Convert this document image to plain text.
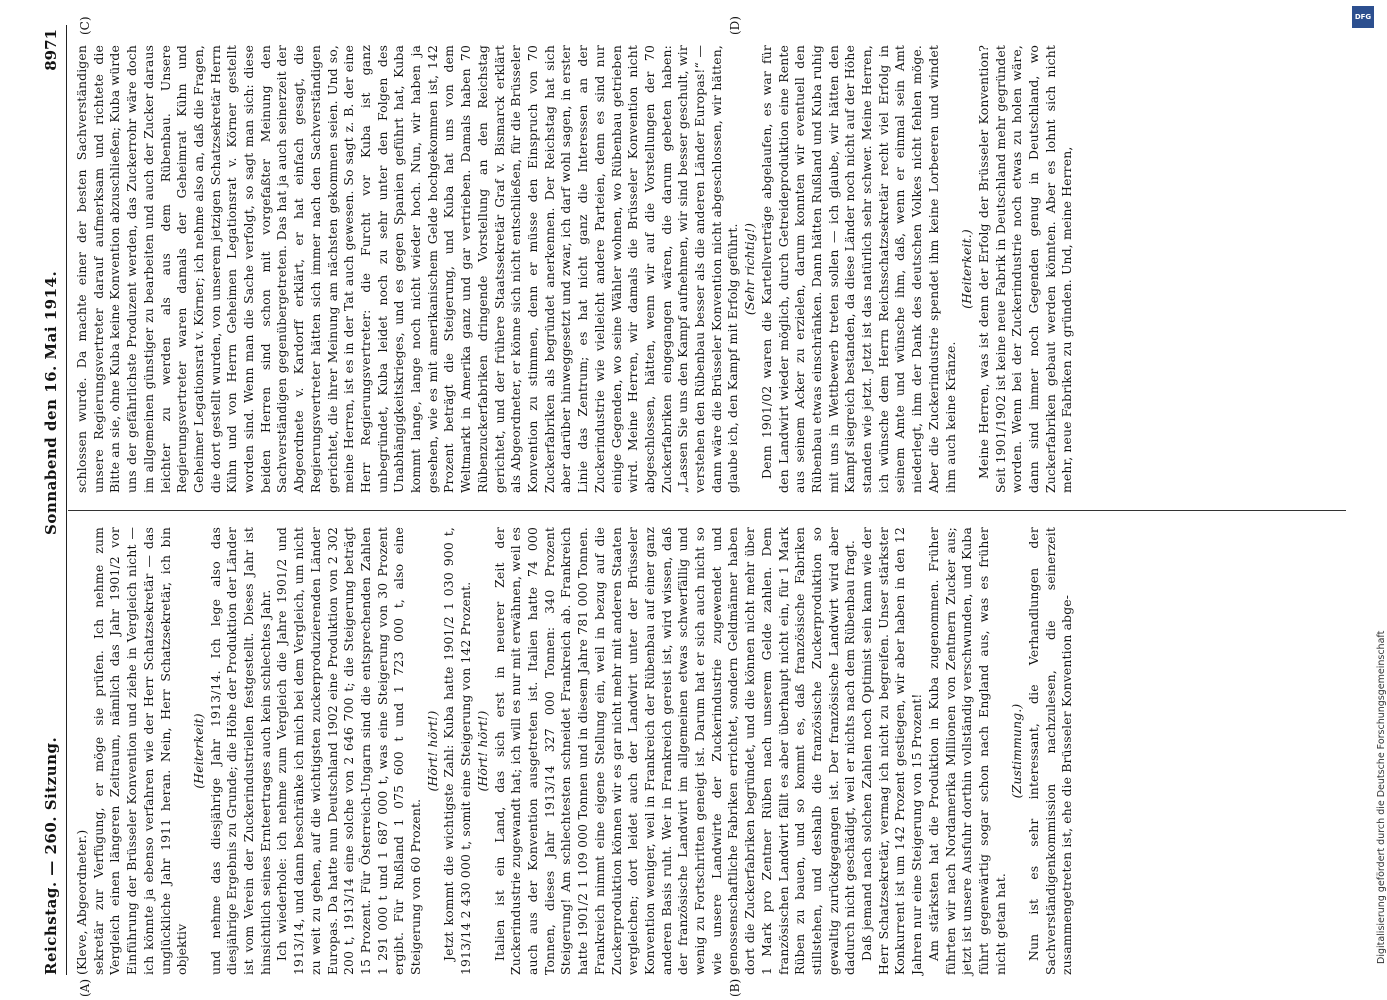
Reichstag. — 260. Sitzung.
Sonnabend den 16. Mai 1914.
8971
(A)	(B)
(C)	(D)

(Kleve, Abgeordneter.) sekretär zur Verfügung, er möge sie prüfen. Ich nehme zum Vergleich einen längeren Zeitraum, nämlich das Jahr 1901/2 vor Einführung der Brüsseler Konvention und ziehe in Vergleich nicht — ich könnte ja ebenso verfahren wie der Herr Schatzsekretär — das unglückliche Jahr 1911 heran. Nein, Herr Schatzsekretär, ich bin objektiv

(Heiterkeit) und nehme das diesjährige Jahr 1913/14. Ich lege also das diesjährige Ergebnis zu Grunde; die Höhe der Produktion der Länder ist vom Verein der Zuckerindustriellen festgestellt. Dieses Jahr ist hinsichtlich seines Ernteertrages auch kein schlechtes Jahr. Ich wiederhole: ich nehme zum Vergleich die Jahre 1901/2 und 1913/14, und dann beschränke ich mich bei dem Vergleich, um nicht zu weit zu gehen, auf die wichtigsten zuckerproduzierenden Länder Europas. Da hatte nun Deutschland 1902 eine Produktion von 2 302 200 t, 1913/14 eine solche von 2 646 700 t; die Steigerung beträgt 15 Prozent. Für Österreich-Ungarn sind die entsprechenden Zahlen 1 291 000 t und 1 687 000 t, was eine Steigerung von 30 Prozent ergibt. Für Rußland 1 075 600 t und 1 723 000 t, also eine Steigerung von 60 Prozent.

(Hört! hört!) Jetzt kommt die wichtigste Zahl: Kuba hatte 1901/2 1 030 900 t, 1913/14 2 430 000 t, somit eine Steigerung von 142 Prozent. (Hört! hört!) Italien ist ein Land, das sich erst in neuerer Zeit der Zuckerindustrie zugewandt hat; ich will es nur mit erwähnen, weil es auch aus der Konvention ausgetreten ist. Italien hatte 74 000 Tonnen, dieses Jahr 1913/14 327 000 Tonnen: 340 Prozent Steigerung! Am schlechtesten schneidet Frankreich ab. Frankreich hatte 1901/2 1 109 000 Tonnen und in diesem Jahre 781 000 Tonnen. Frankreich nimmt eine eigene Stellung ein, weil in bezug auf die Zuckerproduktion können wir es gar nicht mehr mit anderen Staaten vergleichen; dort leidet auch der Landwirt unter der Brüsseler Konvention weniger, weil in Frankreich der Rübenbau auf einer ganz anderen Basis ruht. Wer in Frankreich gereist ist, wird wissen, daß der französische Landwirt im allgemeinen etwas schwerfällig und wenig zu Fortschritten geneigt ist. Darum hat er sich auch nicht so wie unsere Landwirte der Zuckerindustrie zugewendet und genossenschaftliche Fabriken errichtet, sondern Geldmänner haben dort die Zuckerfabriken begründet, und die können nicht mehr über 1 Mark pro Zentner Rüben nach unserem Gelde zahlen. Dem französischen Landwirt fällt es aber überhaupt nicht ein, für 1 Mark Rüben zu bauen, und so kommt es, daß französische Fabriken stillstehen, und deshalb die französische Zuckerproduktion so gewaltig zurückgegangen ist. Der französische Landwirt wird aber dadurch nicht geschädigt, weil er nichts nach dem Rübenbau fragt. Daß jemand nach solchen Zahlen noch Optimist sein kann wie der Herr Schatzsekretär, vermag ich nicht zu begreifen. Unser stärkster Konkurrent ist um 142 Prozent gestiegen, wir aber haben in den 12 Jahren nur eine Steigerung von 15 Prozent! Am stärksten hat die Produktion in Kuba zugenommen. Früher führten wir nach Nordamerika Millionen von Zentnern Zucker aus; jetzt ist unsere Ausfuhr dorthin vollständig verschwunden, und Kuba führt gegenwärtig sogar schon nach England aus, was es früher nicht getan hat.

(Zustimmung.) Nun ist es sehr interessant, die Verhandlungen der Sachverständigenkommission nachzulesen, die seinerzeit zusammengetreten ist, ehe die Brüsseler Konvention abge-

schlossen wurde. Da machte einer der besten Sachverständigen unsere Regierungsvertreter darauf aufmerksam und richtete die Bitte an sie, ohne Kuba keine Konvention abzuschließen; Kuba würde uns der gefährlichste Produzent werden, das Zuckerrohr wäre doch im allgemeinen günstiger zu bearbeiten und auch der Zucker daraus leichter zu werden als aus dem Rübenbau. Unsere Regierungsvertreter waren damals der Geheimrat Kühn und Geheimer Legationsrat v. Körner; ich nehme also an, daß die Fragen, die dort gestellt wurden, von unserem jetzigen Schatzsekretär Herrn Kühn und von Herrn Geheimen Legationsrat v. Körner gestellt worden sind. Wenn man die Sache verfolgt, so sagt man sich: diese beiden Herren sind schon mit vorgefaßter Meinung den Sachverständigen gegenübergetreten. Das hat ja auch seinerzeit der Abgeordnete v. Kardorff erklärt, er hat einfach gesagt, die Regierungsvertreter hätten sich immer nach den Sachverständigen gerichtet, die ihrer Meinung am nächsten gekommen seien. Und so, meine Herren, ist es in der Tat auch gewesen. So sagt z. B. der eine Herr Regierungsvertreter: die Furcht vor Kuba ist ganz unbegründet, Kuba leidet noch zu sehr unter den Folgen des Unabhängigkeitskrieges, und es gegen Spanien geführt hat, Kuba kommt lange, lange noch nicht wieder hoch. Nun, wir haben ja gesehen, wie es mit amerikanischem Gelde hochgekommen ist, 142 Prozent beträgt die Steigerung, und Kuba hat uns von dem Weltmarkt in Amerika ganz und gar vertrieben. Damals haben 70 Rübenzuckerfabriken dringende Vorstellung an den Reichstag gerichtet, und der frühere Staatssekretär Graf v. Bismarck erklärt als Abgeordneter, er könne sich nicht entschließen, für die Brüsseler Konvention zu stimmen, denn er müsse den Einspruch von 70 Zuckerfabriken als begründet anerkennen. Der Reichstag hat sich aber darüber hinweggesetzt und zwar, ich darf wohl sagen, in erster Linie das Zentrum; es hat nicht ganz die Interessen an der Zuckerindustrie wie vielleicht andere Parteien, denn es sind nur einige Gegenden, wo seine Wähler wohnen, wo Rübenbau getrieben wird. Meine Herren, wir damals die Brüsseler Konvention nicht abgeschlossen, hätten, wenn wir auf die Vorstellungen der 70 Zuckerfabriken eingegangen wären, die darum gebeten haben: „Lassen Sie uns den Kampf aufnehmen, wir sind besser geschult, wir verstehen den Rübenbau besser als die anderen Länder Europas!“ — dann wäre die Brüsseler Konvention nicht abgeschlossen, wir hätten, glaube ich, den Kampf mit Erfolg geführt. (Sehr richtig!) Denn 1901/02 waren die Kartellverträge abgelaufen, es war für den Landwirt wieder möglich, durch Getreideproduktion eine Rente aus seinem Acker zu erzielen, darum konnten wir eventuell den Rübenbau etwas einschränken. Dann hätten Rußland und Kuba ruhig mit uns in Wettbewerb treten sollen — ich glaube, wir hätten den Kampf siegreich bestanden, da diese Länder noch nicht auf der Höhe standen wie jetzt. Jetzt ist das natürlich sehr schwer. Meine Herren, ich wünsche dem Herrn Reichsschatzsekretär recht viel Erfolg in seinem Amte und wünsche ihm, daß, wenn er einmal sein Amt niederlegt, ihm der Dank des deutschen Volkes nicht fehlen möge. Aber die Zuckerindustrie spendet ihm keine Lorbeeren und windet ihm auch keine Kränze.

(Heiterkeit.) Meine Herren, was ist denn der Erfolg der Brüsseler Konvention? Seit 1901/1902 ist keine neue Fabrik in Deutschland mehr gegründet worden. Wenn bei der Zuckerindustrie noch etwas zu holen wäre, dann sind immer noch Gegenden genug in Deutschland, wo Zuckerfabriken gebaut werden könnten. Aber es lohnt sich nicht mehr, neue Fabriken zu gründen. Und, meine Herren,

DFG
Digitalisierung gefördert durch die Deutsche Forschungsgemeinschaft
